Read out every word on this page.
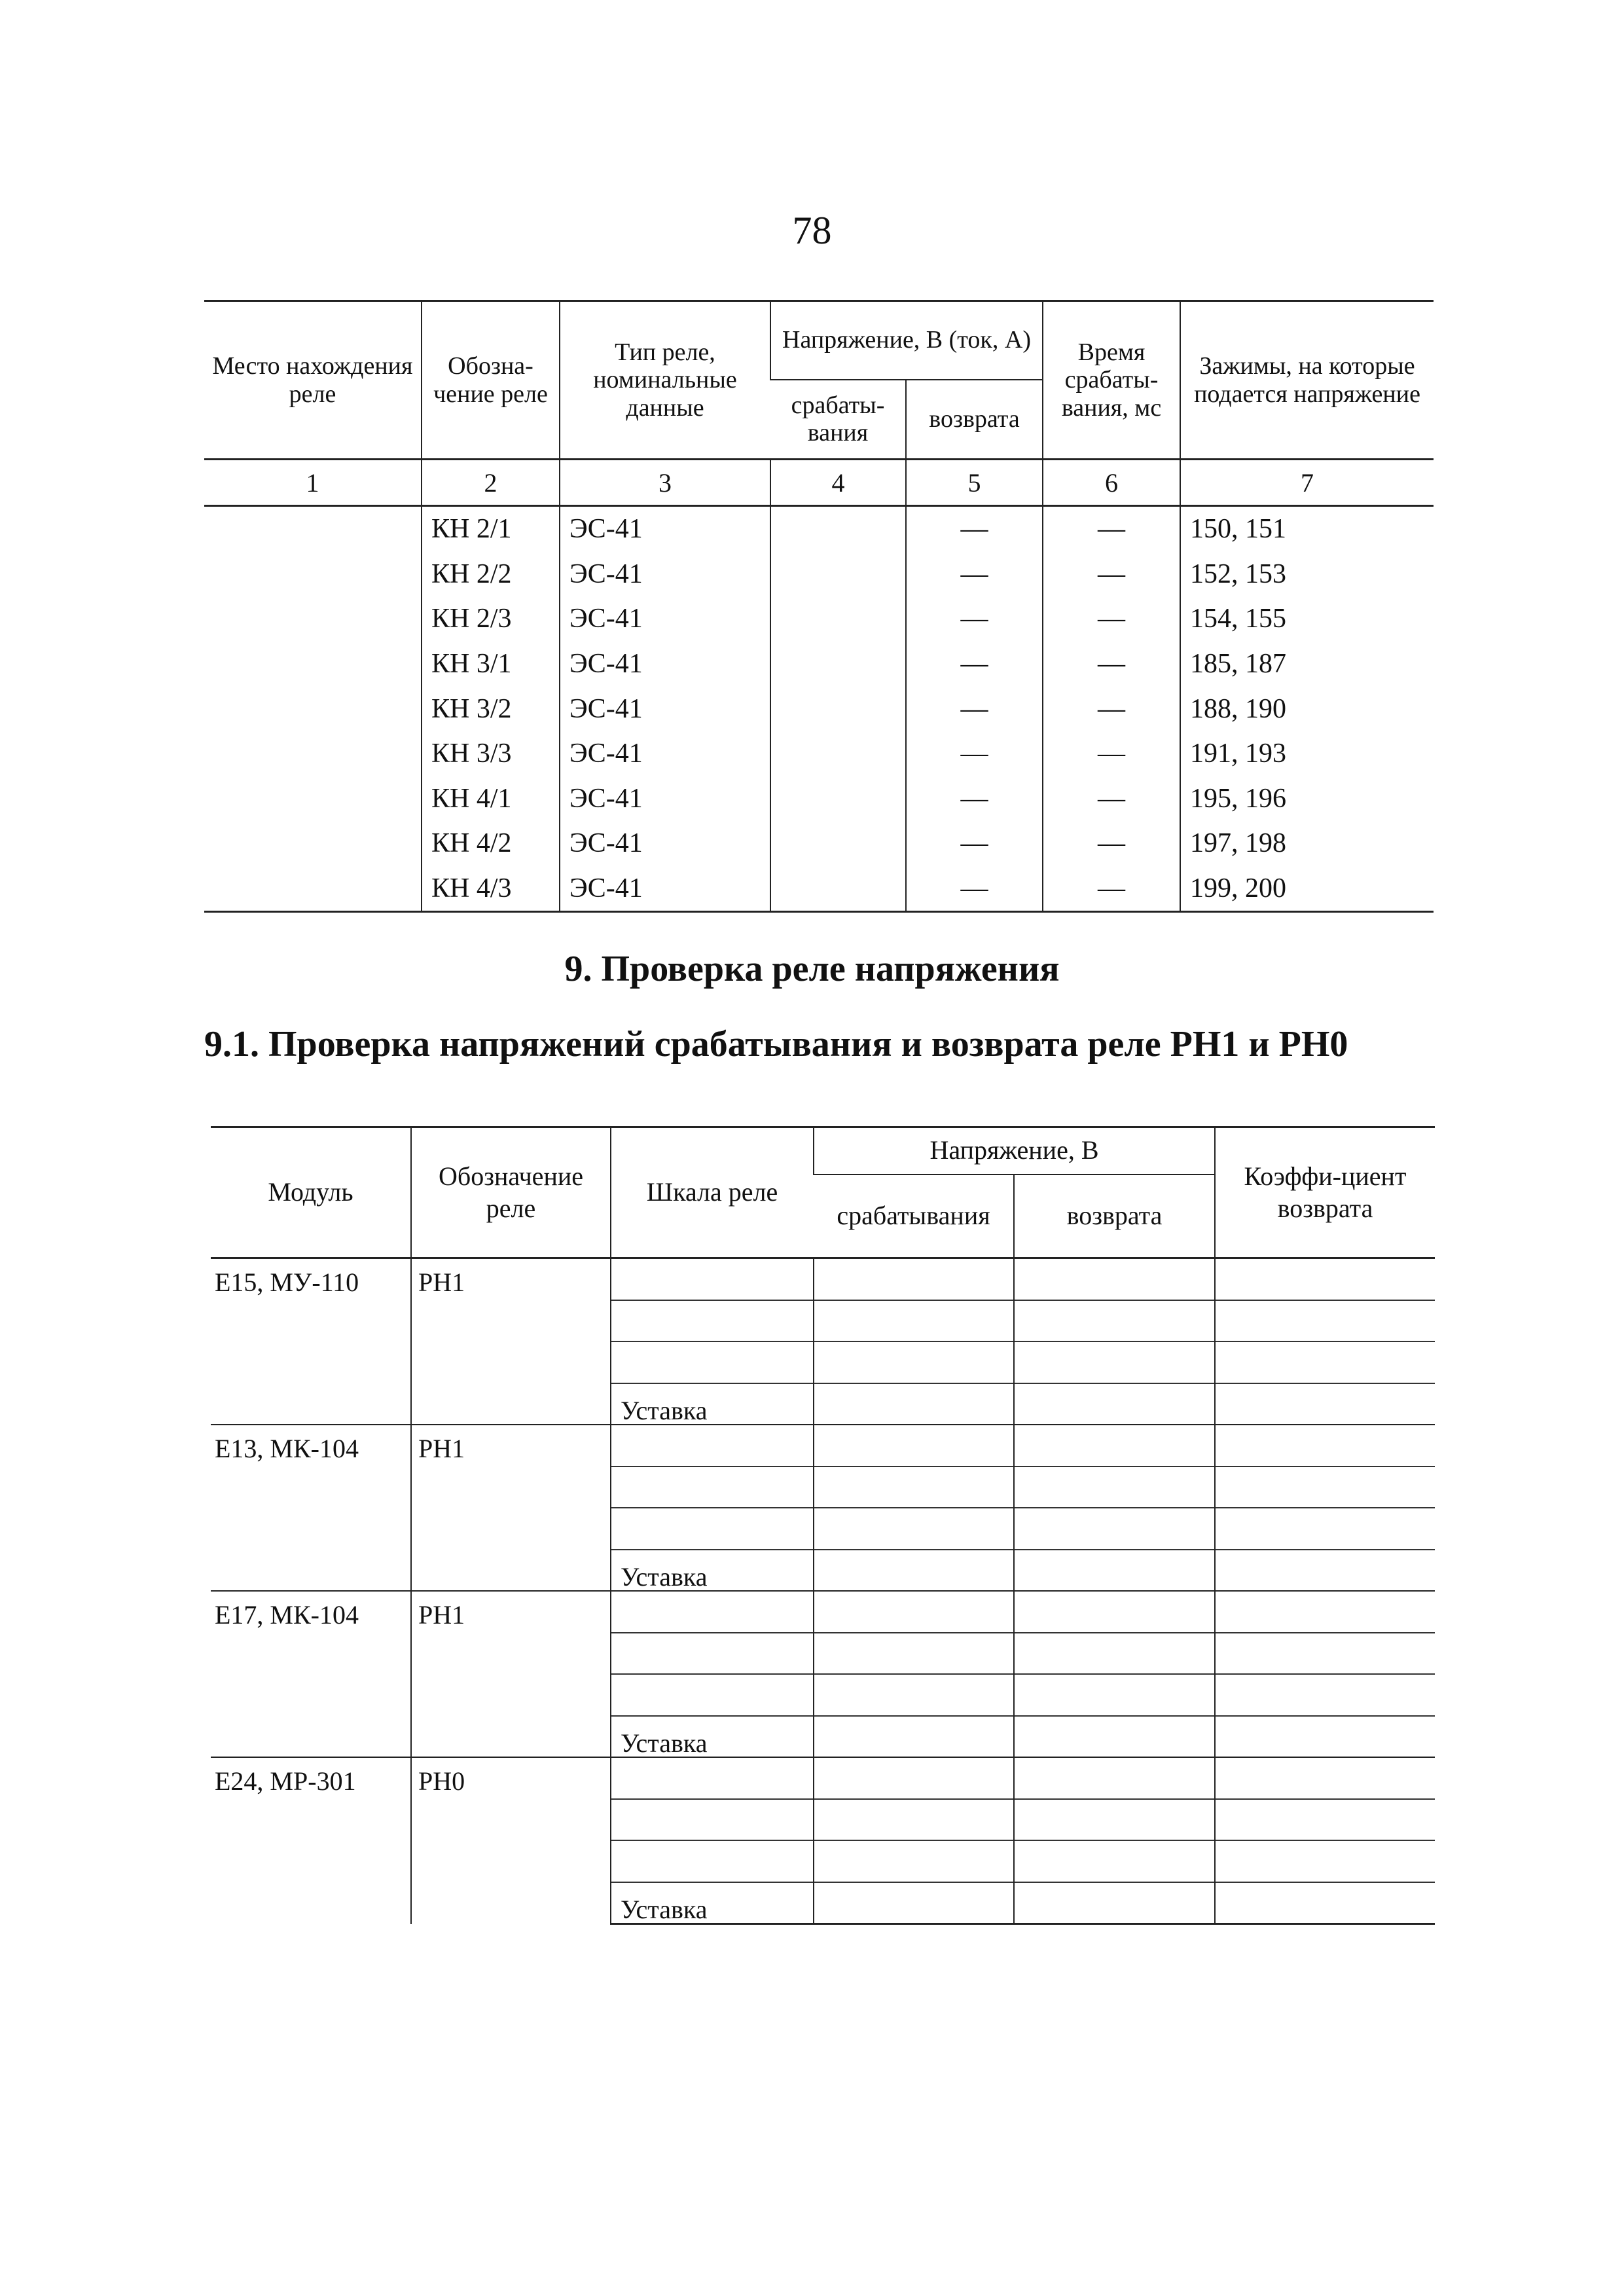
78
Место нахождения реле	Обозна-чение реле	Тип реле, номинальные данные	Напряжение, В (ток, А)		Время срабаты-вания, мс	Зажимы, на которые подается напряжение
			срабаты-вания	возврата		
1	2	3	4	5	6	7
	КН 2/1	ЭС-41		—	—	150, 151
	КН 2/2	ЭС-41		—	—	152, 153
	КН 2/3	ЭС-41		—	—	154, 155
	КН 3/1	ЭС-41		—	—	185, 187
	КН 3/2	ЭС-41		—	—	188, 190
	КН 3/3	ЭС-41		—	—	191, 193
	КН 4/1	ЭС-41		—	—	195, 196
	КН 4/2	ЭС-41		—	—	197, 198
	КН 4/3	ЭС-41		—	—	199, 200
9. Проверка реле напряжения
9.1. Проверка напряжений срабатывания и возврата реле РН1 и РН0
Модуль	Обозначение реле	Шкала реле	Напряжение, В		Коэффи-циент возврата
			срабатывания	возврата	
Е15, МУ-110	РН1				

		Уставка			
Е13, МК-104	РН1				

		Уставка			
Е17, МК-104	РН1				

		Уставка			
Е24, МР-301	РН0				

		Уставка			
